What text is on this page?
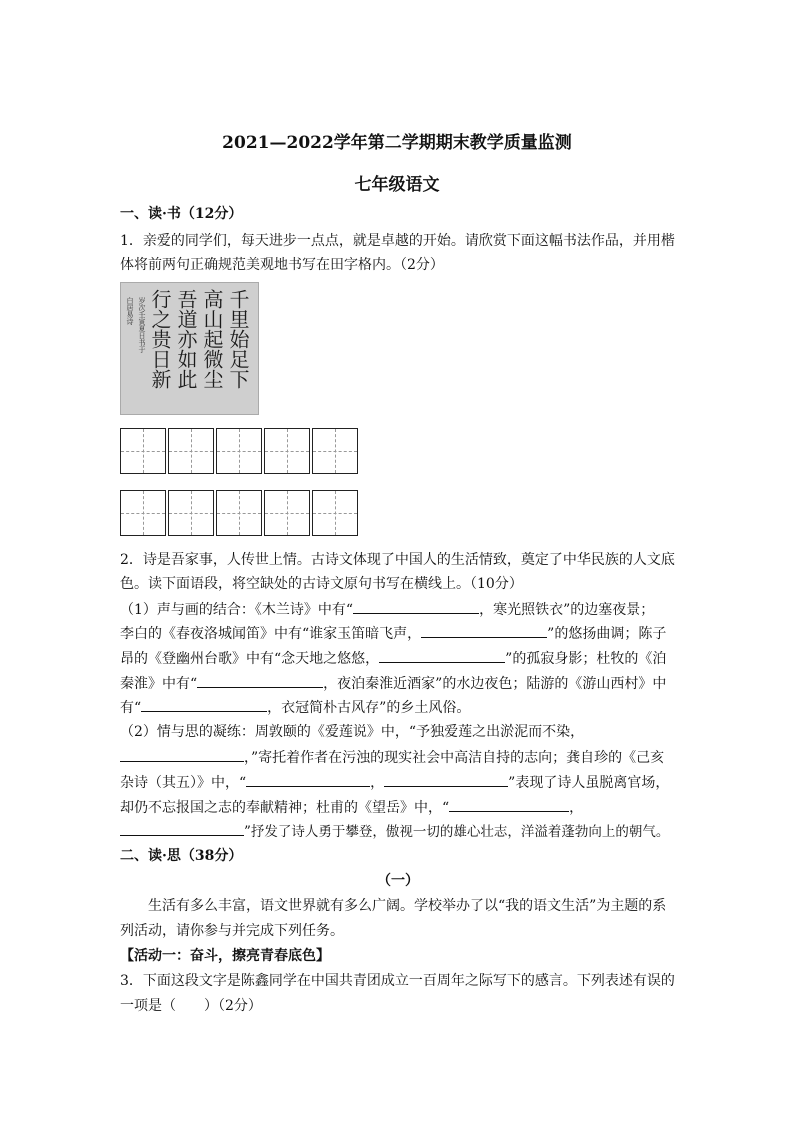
2021—2022学年第二学期期末教学质量监测
七年级语文
一、读·书（12分）
1．亲爱的同学们，每天进步一点点，就是卓越的开始。请欣赏下面这幅书法作品，并用楷
体将前两句正确规范美观地书写在田字格内。（2分）
千里始足下
高山起微尘
吾道亦如此
行之贵日新
岁次壬寅夏日书于
白居易诗
2．诗是吾家事，人传世上情。古诗文体现了中国人的生活情致，奠定了中华民族的人文底
色。读下面语段，将空缺处的古诗文原句书写在横线上。（10分）
（1）声与画的结合：《木兰诗》中有“	，寒光照铁衣”的边塞夜景；
李白的《春夜洛城闻笛》中有“谁家玉笛暗飞声，	”的悠扬曲调；陈子
昂的《登幽州台歌》中有“念天地之悠悠，	”的孤寂身影；杜牧的《泊
秦淮》中有“	，夜泊秦淮近酒家”的水边夜色；陆游的《游山西村》中
有“	，衣冠简朴古风存”的乡土风俗。
（2）情与思的凝练：周敦颐的《爱莲说》中，“予独爱莲之出淤泥而不染，
，”寄托着作者在污浊的现实社会中高洁自持的志向；龚自珍的《己亥
杂诗（其五）》中，“	，	”表现了诗人虽脱离官场，
却仍不忘报国之志的奉献精神；杜甫的《望岳》中，“	，
”抒发了诗人勇于攀登，傲视一切的雄心壮志，洋溢着蓬勃向上的朝气。
二、读·思（38分）
（一）
生活有多么丰富，语文世界就有多么广阔。学校举办了以“我的语文生活”为主题的系
列活动，请你参与并完成下列任务。
【活动一：奋斗，擦亮青春底色】
3．下面这段文字是陈鑫同学在中国共青团成立一百周年之际写下的感言。下列表述有误的
一项是（　　）（2分）
